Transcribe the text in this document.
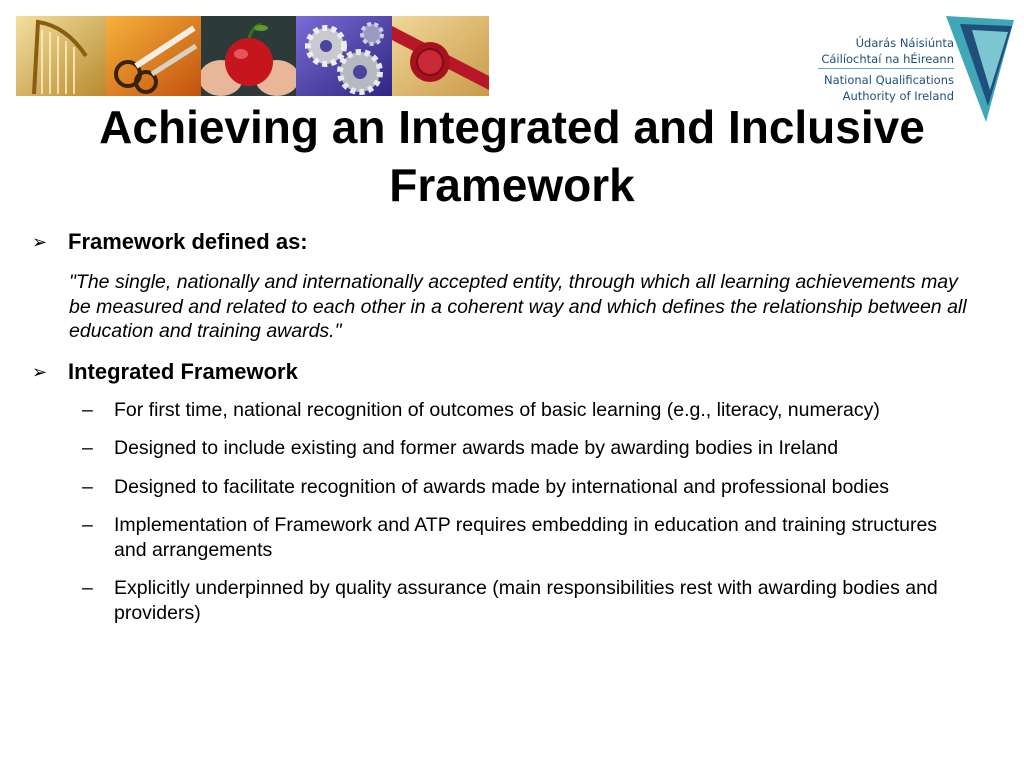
Údarás Náisiúnta
Cáilíochtaí na hÉireann
National Qualifications
Authority of Ireland
Achieving an Integrated and Inclusive
Framework
➢ Framework defined as:
"The single, nationally and internationally accepted entity, through which all learning achievements may be measured and related to each other in a coherent way and which defines the relationship between all education and training awards."
➢ Integrated Framework
–	For first time, national recognition of outcomes of basic learning (e.g., literacy, numeracy)
–	Designed to include existing and former awards made by awarding bodies in Ireland
–	Designed to facilitate recognition of awards made by international and professional bodies
–	Implementation of Framework and ATP requires embedding in education and training structures and arrangements
–	Explicitly underpinned by quality assurance (main responsibilities rest with awarding bodies and providers)
